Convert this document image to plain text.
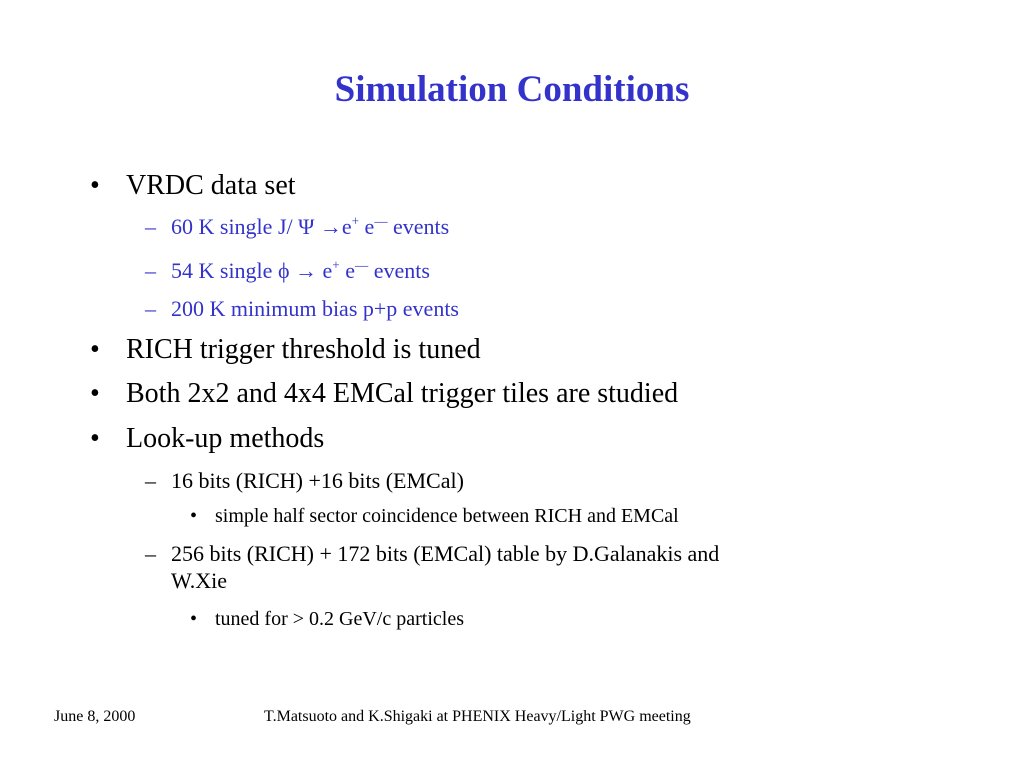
Simulation Conditions
• VRDC data set
– 60 K single J/ Ψ →e+ e— events
– 54 K single ϕ → e+ e— events
– 200 K minimum bias p+p events
• RICH trigger threshold is tuned
• Both 2x2 and 4x4 EMCal trigger tiles are studied
• Look-up methods
– 16 bits (RICH) +16 bits (EMCal)
• simple half sector coincidence between RICH and EMCal
– 256 bits (RICH) + 172 bits (EMCal) table by D.Galanakis and
W.Xie
• tuned for > 0.2 GeV/c particles
June 8, 2000	T.Matsuoto and K.Shigaki at PHENIX Heavy/Light PWG meeting
